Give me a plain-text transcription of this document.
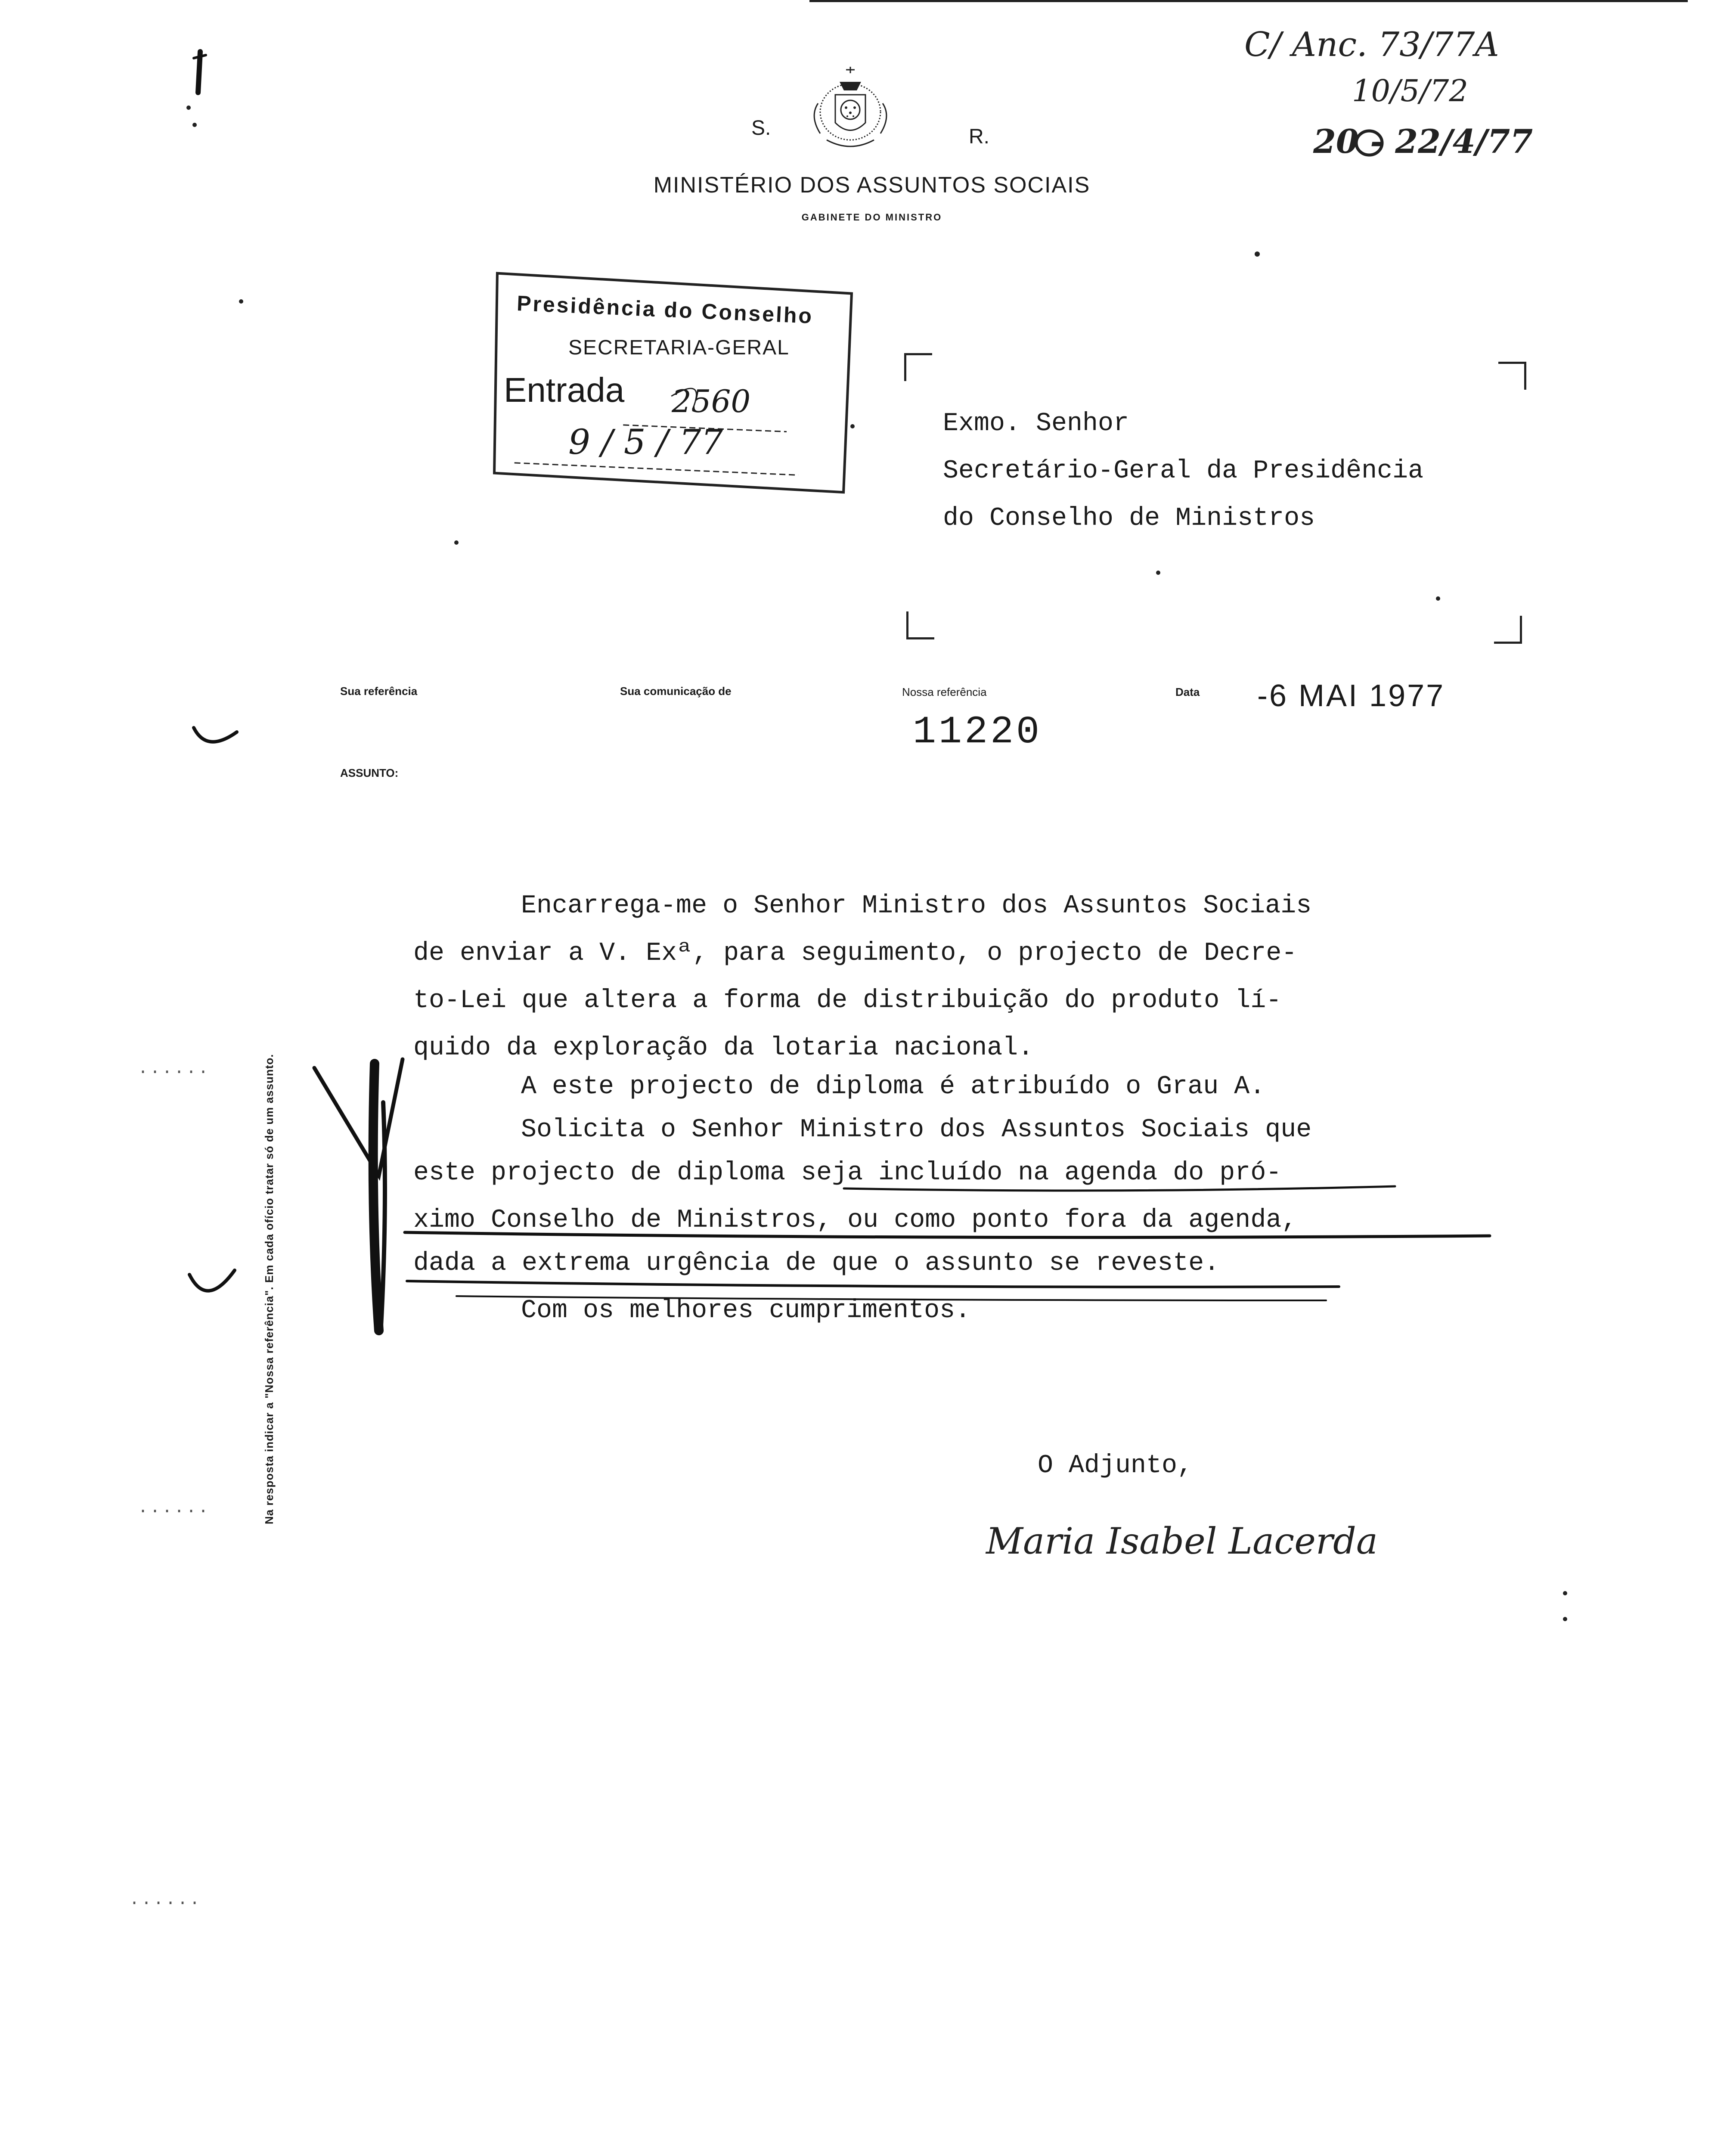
S.	R.
MINISTÉRIO DOS ASSUNTOS SOCIAIS
GABINETE DO MINISTRO
C/ Anc. 73/77A
10/5/72
20 - 22/4/77
Presidência do Conselho
SECRETARIA-GERAL
Entrada 2560
9 / 5 / 77	Exmo. Senhor
Secretário-Geral da Presidência
do Conselho de Ministros
Sua referência	Sua comunicação de	Nossa referência	Data -6 MAI 1977
11220
ASSUNTO:
Na resposta indicar a "Nossa referência". Em cada ofício tratar só de um assunto.
Encarrega-me o Senhor Ministro dos Assuntos Sociais
de enviar a V. Exª, para seguimento, o projecto de Decre-
to-Lei que altera a forma de distribuição do produto lí-
quido da exploração da lotaria nacional.
A este projecto de diploma é atribuído o Grau A.
Solicita o Senhor Ministro dos Assuntos Sociais que
este projecto de diploma seja incluído na agenda do pró-
ximo Conselho de Ministros, ou como ponto fora da agenda,
dada a extrema urgência de que o assunto se reveste.
Com os melhores cumprimentos.
O Adjunto,
Maria Isabel Lacerda
......
......
......
